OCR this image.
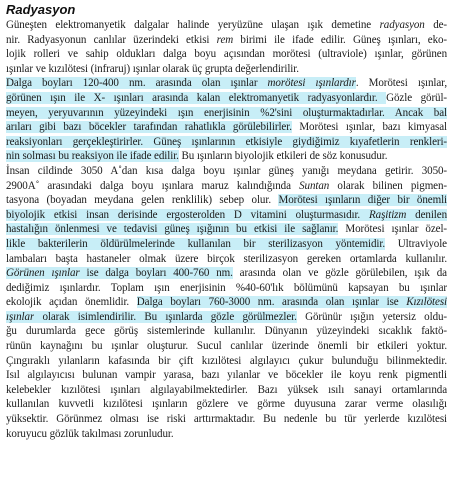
Radyasyon
Güneşten elektromanyetik dalgalar halinde yeryüzüne ulaşan ışık demetine radyasyon de-
nir. Radyasyonun canlılar üzerindeki etkisi rem birimi ile ifade edilir. Güneş ışınları, eko-
lojik rolleri ve sahip oldukları dalga boyu açısından morötesi (ultraviole) ışınlar, görünen
ışınlar ve kızılötesi (infraruj) ışınlar olarak üç grupta değerlendirilir.
Dalga boyları 120-400 nm. arasında olan ışınlar morötesi ışınlardır. Morötesi ışınlar,
görünen ışın ile X- ışınları arasında kalan elektromanyetik radyasyonlardır. Gözle görül-
meyen, yeryuvarının yüzeyindeki ışın enerjisinin %2'sini oluşturmaktadırlar. Ancak bal
arıları gibi bazı böcekler tarafından rahatlıkla görülebilirler. Morötesi ışınlar, bazı kimyasal
reaksiyonları gerçekleştirirler. Güneş ışınlarının etkisiyle giydiğimiz kıyafetlerin renkleri-
nin solması bu reaksiyon ile ifade edilir. Bu ışınların biyolojik etkileri de söz konusudur.
İnsan cildinde 3050 A˚dan kısa dalga boyu ışınlar güneş yanığı meydana getirir. 3050-
2900A˚ arasındaki dalga boyu ışınlara maruz kalındığında Suntan olarak bilinen pigmen-
tasyona (boyadan meydana gelen renklilik) sebep olur. Morötesi ışınların diğer bir önemli
biyolojik etkisi insan derisinde ergosterolden D vitamini oluşturmasıdır. Raşitizm denilen
hastalığın önlenmesi ve tedavisi güneş ışığının bu etkisi ile sağlanır. Morötesi ışınlar özel-
likle bakterilerin öldürülmelerinde kullanılan bir sterilizasyon yöntemidir. Ultraviyole
lambaları başta hastaneler olmak üzere birçok sterilizasyon gereken ortamlarda kullanılır.
Görünen ışınlar ise dalga boyları 400-760 nm. arasında olan ve gözle görülebilen, ışık da
dediğimiz ışınlardır. Toplam ışın enerjisinin %40-60'lık bölümünü kapsayan bu ışınlar
ekolojik açıdan önemlidir. Dalga boyları 760-3000 nm. arasında olan ışınlar ise Kızılötesi
ışınlar olarak isimlendirilir. Bu ışınlarda gözle görülmezler. Görünür ışığın yetersiz oldu-
ğu durumlarda gece görüş sistemlerinde kullanılır. Dünyanın yüzeyindeki sıcaklık faktö-
rünün kaynağını bu ışınlar oluşturur. Sucul canlılar üzerinde önemli bir etkileri yoktur.
Çıngıraklı yılanların kafasında bir çift kızılötesi algılayıcı çukur bulunduğu bilinmektedir.
Isıl algılayıcısı bulunan vampir yarasa, bazı yılanlar ve böcekler ile koyu renk pigmentli
kelebekler kızılötesi ışınları algılayabilmektedirler. Bazı yüksek ısılı sanayi ortamlarında
kullanılan kuvvetli kızılötesi ışınların gözlere ve görme duyusuna zarar verme olasılığı
yüksektir. Görünmez olması ise riski arttırmaktadır. Bu nedenle bu tür yerlerde kızılötesi
koruyucu gözlük takılması zorunludur.
